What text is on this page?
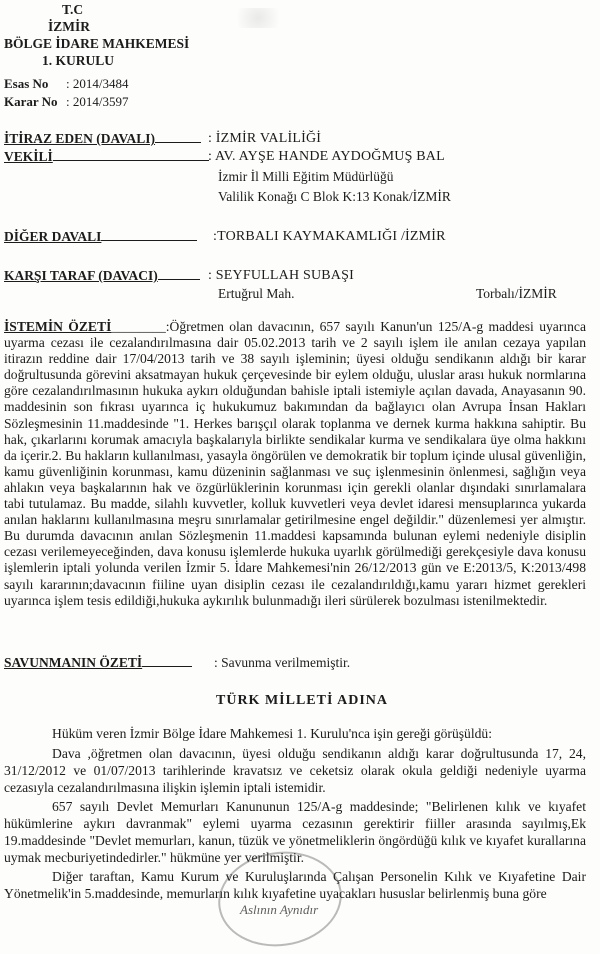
T.C
İZMİR
BÖLGE İDARE MAHKEMESİ
1. KURULU
Esas No : 2014/3484
Karar No : 2014/3597
İTİRAZ EDEN (DAVALI)	: İZMİR VALİLİĞİ
VEKİLİ	: AV. AYŞE HANDE AYDOĞMUŞ BAL
İzmir İl Milli Eğitim Müdürlüğü
Valilik Konağı C Blok K:13 Konak/İZMİR
DİĞER DAVALI	:TORBALI KAYMAKAMLIĞI /İZMİR
KARŞI TARAF (DAVACI)	: SEYFULLAH SUBAŞI
Ertuğrul Mah.	Torbalı/İZMİR
İSTEMİN ÖZETİ________:Öğretmen olan davacının, 657 sayılı Kanun'un 125/A-g maddesi uyarınca uyarma cezası ile cezalandırılmasına dair 05.02.2013 tarih ve 2 sayılı işlem ile anılan cezaya yapılan itirazın reddine dair 17/04/2013 tarih ve 38 sayılı işleminin; üyesi olduğu sendikanın aldığı bir karar doğrultusunda görevini aksatmayan hukuk çerçevesinde bir eylem olduğu, uluslar arası hukuk normlarına göre cezalandırılmasının hukuka aykırı olduğundan bahisle iptali istemiyle açılan davada, Anayasanın 90. maddesinin son fıkrası uyarınca iç hukukumuz bakımından da bağlayıcı olan Avrupa İnsan Hakları Sözleşmesinin 11.maddesinde "1. Herkes barışçıl olarak toplanma ve dernek kurma hakkına sahiptir. Bu hak, çıkarlarını korumak amacıyla başkalarıyla birlikte sendikalar kurma ve sendikalara üye olma hakkını da içerir.2. Bu hakların kullanılması, yasayla öngörülen ve demokratik bir toplum içinde ulusal güvenliğin, kamu güvenliğinin korunması, kamu düzeninin sağlanması ve suç işlenmesinin önlenmesi, sağlığın veya ahlakın veya başkalarının hak ve özgürlüklerinin korunması için gerekli olanlar dışındaki sınırlamalara tabi tutulamaz. Bu madde, silahlı kuvvetler, kolluk kuvvetleri veya devlet idaresi mensuplarınca yukarda anılan haklarını kullanılmasına meşru sınırlamalar getirilmesine engel değildir." düzenlemesi yer almıştır. Bu durumda davacının anılan Sözleşmenin 11.maddesi kapsamında bulunan eylemi nedeniyle disiplin cezası verilemeyeceğinden, dava konusu işlemlerde hukuka uyarlık görülmediği gerekçesiyle dava konusu işlemlerin iptali yolunda verilen İzmir 5. İdare Mahkemesi'nin 26/12/2013 gün ve E:2013/5, K:2013/498 sayılı kararının;davacının fiiline uyan disiplin cezası ile cezalandırıldığı,kamu yararı hizmet gerekleri uyarınca işlem tesis edildiği,hukuka aykırılık bulunmadığı ileri sürülerek bozulması istenilmektedir.
SAVUNMANIN ÖZETİ	: Savunma verilmemiştir.
TÜRK MİLLETİ ADINA
Hüküm veren İzmir Bölge İdare Mahkemesi 1. Kurulu'nca işin gereği görüşüldü:
Dava ,öğretmen olan davacının, üyesi olduğu sendikanın aldığı karar doğrultusunda 17, 24, 31/12/2012 ve 01/07/2013 tarihlerinde kravatsız ve ceketsiz olarak okula geldiği nedeniyle uyarma cezasıyla cezalandırılmasına ilişkin işlemin iptali istemidir.
657 sayılı Devlet Memurları Kanununun 125/A-g maddesinde; "Belirlenen kılık ve kıyafet hükümlerine aykırı davranmak" eylemi uyarma cezasının gerektirir fiiller arasında sayılmış,Ek 19.maddesinde "Devlet memurları, kanun, tüzük ve yönetmeliklerin öngördüğü kılık ve kıyafet kurallarına uymak mecburiyetindedirler." hükmüne yer verilmiştir.
Diğer taraftan, Kamu Kurum ve Kuruluşlarında Çalışan Personelin Kılık ve Kıyafetine Dair Yönetmelik'in 5.maddesinde, memurların kılık kıyafetine uyacakları hususlar belirlenmiş buna göre
Aslının Aynıdır
